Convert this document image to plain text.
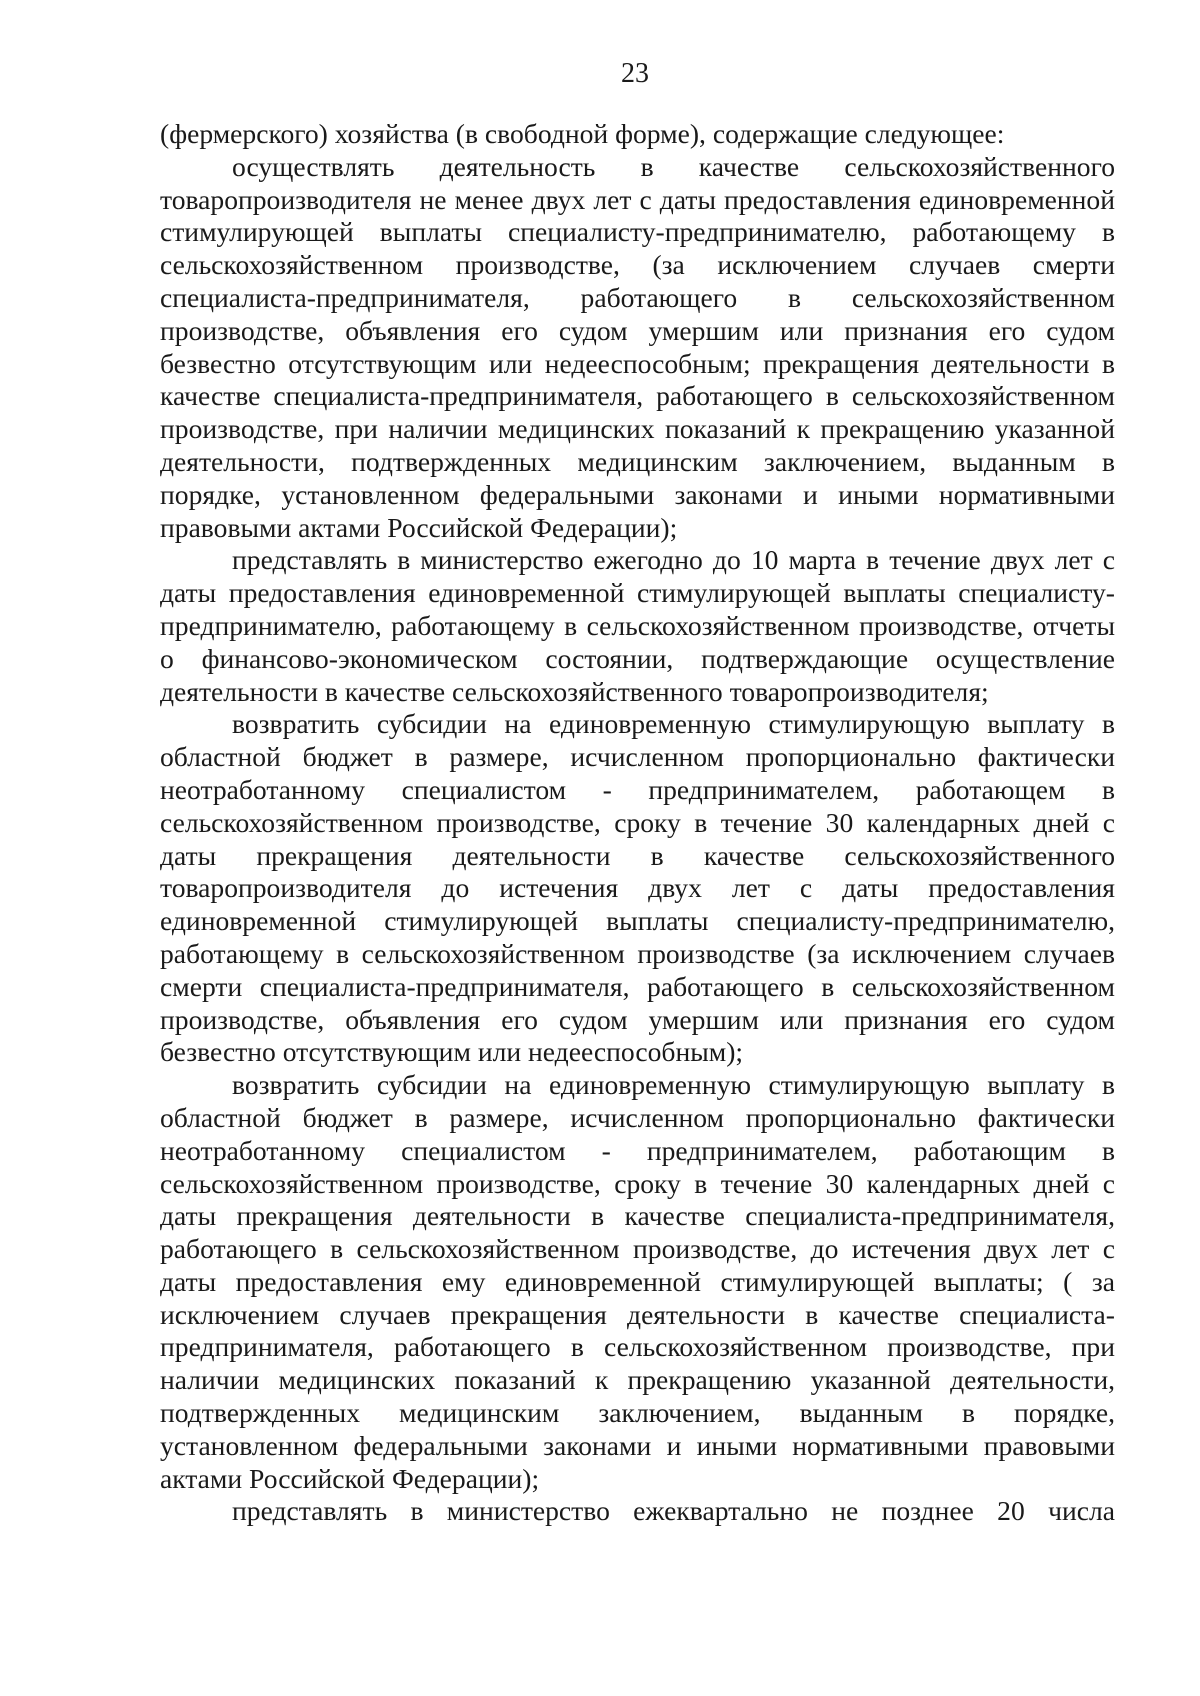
23

(фермерского) хозяйства (в свободной форме), содержащие следующее:

осуществлять деятельность в качестве сельскохозяйственного товаропроизводителя не менее двух лет с даты предоставления единовременной стимулирующей выплаты специалисту-предпринимателю, работающему в сельскохозяйственном производстве, (за исключением случаев смерти специалиста-предпринимателя, работающего в сельскохозяйственном производстве, объявления его судом умершим или признания его судом безвестно отсутствующим или недееспособным; прекращения деятельности в качестве специалиста-предпринимателя, работающего в сельскохозяйственном производстве, при наличии медицинских показаний к прекращению указанной деятельности, подтвержденных медицинским заключением, выданным в порядке, установленном федеральными законами и иными нормативными правовыми актами Российской Федерации);

представлять в министерство ежегодно до 10 марта в течение двух лет с даты предоставления единовременной стимулирующей выплаты специалисту-предпринимателю, работающему в сельскохозяйственном производстве, отчеты о финансово-экономическом состоянии, подтверждающие осуществление деятельности в качестве сельскохозяйственного товаропроизводителя;

возвратить субсидии на единовременную стимулирующую выплату в областной бюджет в размере, исчисленном пропорционально фактически неотработанному специалистом - предпринимателем, работающем в сельскохозяйственном производстве, сроку в течение 30 календарных дней с даты прекращения деятельности в качестве сельскохозяйственного товаропроизводителя до истечения двух лет с даты предоставления единовременной стимулирующей выплаты специалисту-предпринимателю, работающему в сельскохозяйственном производстве (за исключением случаев смерти специалиста-предпринимателя, работающего в сельскохозяйственном производстве, объявления его судом умершим или признания его судом безвестно отсутствующим или недееспособным);

возвратить субсидии на единовременную стимулирующую выплату в областной бюджет в размере, исчисленном пропорционально фактически неотработанному специалистом - предпринимателем, работающим в сельскохозяйственном производстве, сроку в течение 30 календарных дней с даты прекращения деятельности в качестве специалиста-предпринимателя, работающего в сельскохозяйственном производстве, до истечения двух лет с даты предоставления ему единовременной стимулирующей выплаты; ( за исключением случаев прекращения деятельности в качестве специалиста-предпринимателя, работающего в сельскохозяйственном производстве, при наличии медицинских показаний к прекращению указанной деятельности, подтвержденных медицинским заключением, выданным в порядке, установленном федеральными законами и иными нормативными правовыми актами Российской Федерации);

представлять в министерство ежеквартально не позднее 20 числа
